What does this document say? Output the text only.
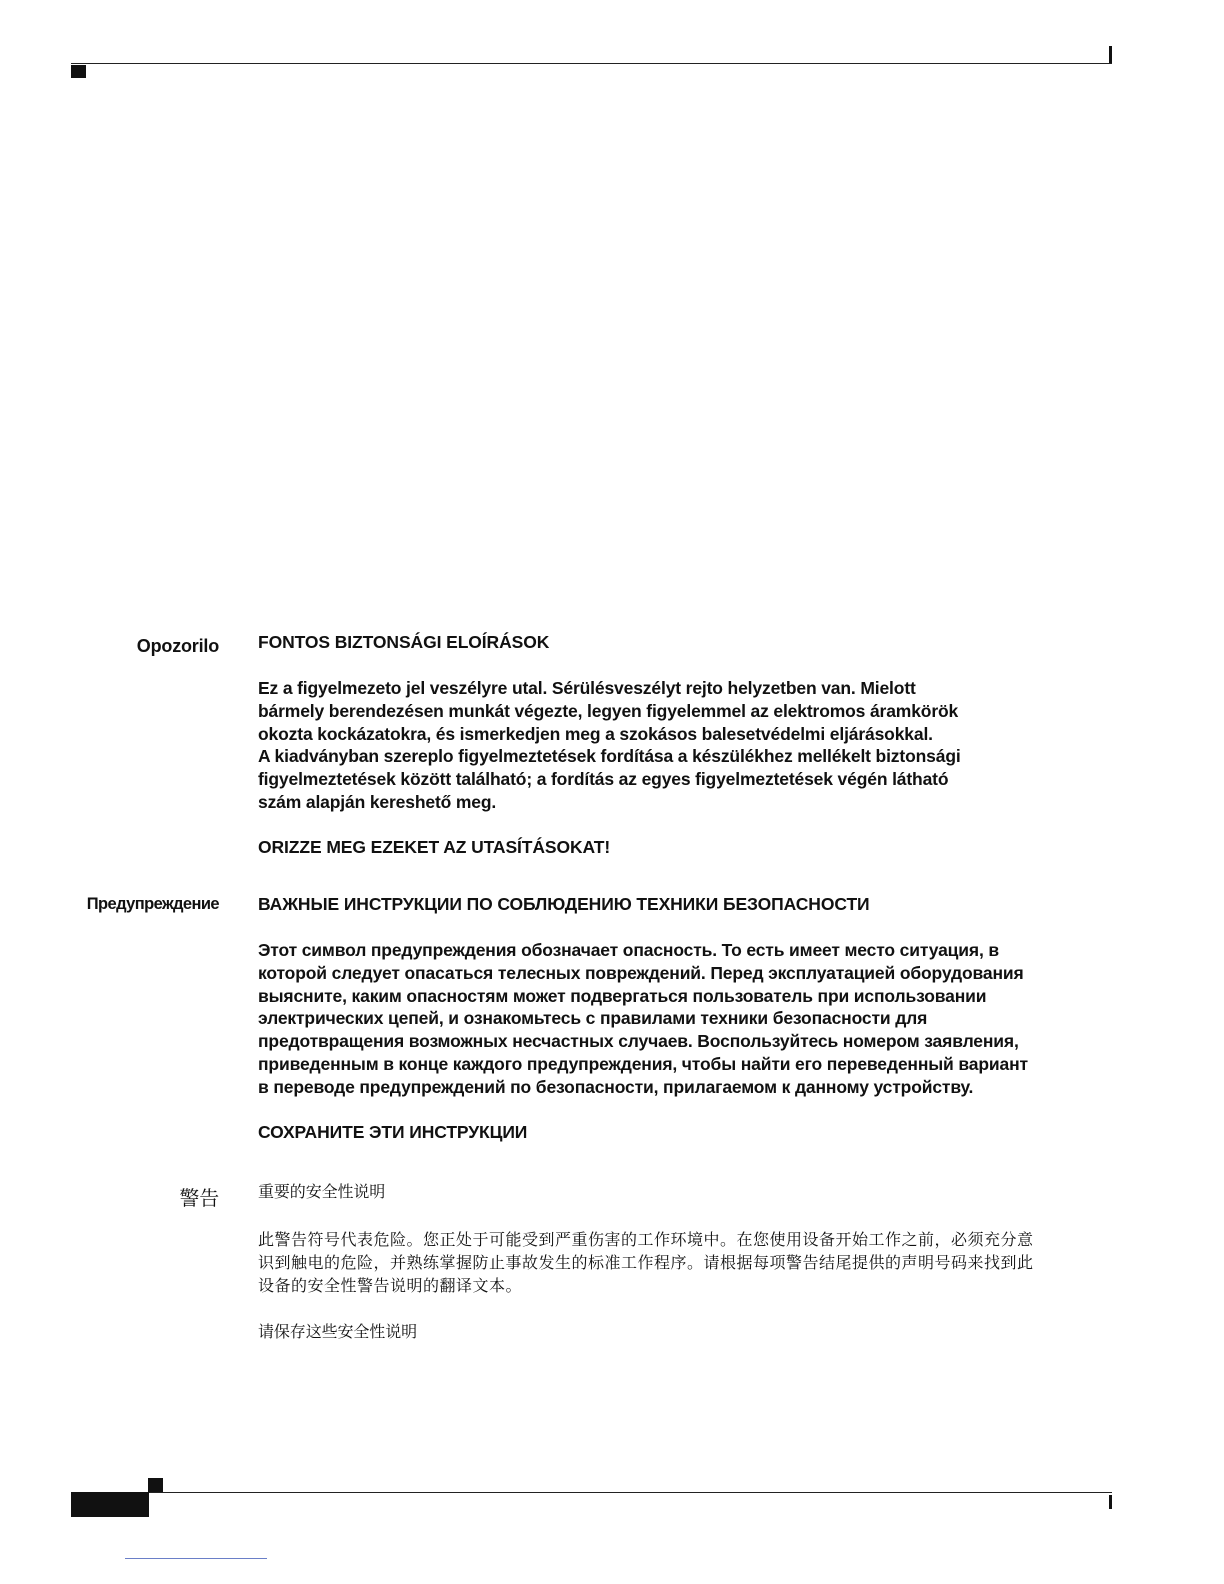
Opozorilo FONTOS BIZTONSÁGI ELOÍRÁSOK
Ez a figyelmezeto jel veszélyre utal. Sérülésveszélyt rejto helyzetben van. Mielott
bármely berendezésen munkát végezte, legyen figyelemmel az elektromos áramkörök
okozta kockázatokra, és ismerkedjen meg a szokásos balesetvédelmi eljárásokkal.
A kiadványban szereplo figyelmeztetések fordítása a készülékhez mellékelt biztonsági
figyelmeztetések között található; a fordítás az egyes figyelmeztetések végén látható
szám alapján kereshető meg.
ORIZZE MEG EZEKET AZ UTASÍTÁSOKAT!
Предупреждение ВАЖНЫЕ ИНСТРУКЦИИ ПО СОБЛЮДЕНИЮ ТЕХНИКИ БЕЗОПАСНОСТИ
Этот символ предупреждения обозначает опасность. То есть имеет место ситуация, в
которой следует опасаться телесных повреждений. Перед эксплуатацией оборудования
выясните, каким опасностям может подвергаться пользователь при использовании
электрических цепей, и ознакомьтесь с правилами техники безопасности для
предотвращения возможных несчастных случаев. Воспользуйтесь номером заявления,
приведенным в конце каждого предупреждения, чтобы найти его переведенный вариант
в переводе предупреждений по безопасности, прилагаемом к данному устройству.
СОХРАНИТЕ ЭТИ ИНСТРУКЦИИ
警告 重要的安全性说明
此警告符号代表危险。您正处于可能受到严重伤害的工作环境中。在您使用设备开始工作之前，必须充分意
识到触电的危险，并熟练掌握防止事故发生的标准工作程序。请根据每项警告结尾提供的声明号码来找到此
设备的安全性警告说明的翻译文本。
请保存这些安全性说明
